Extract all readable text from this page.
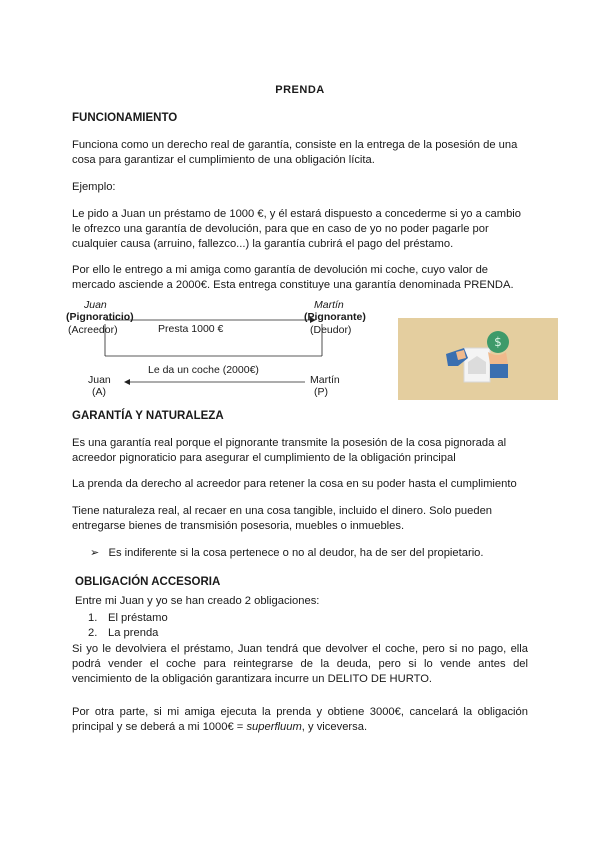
PRENDA
FUNCIONAMIENTO

Funciona como un derecho real de garantía, consiste en la entrega de la posesión de una cosa para garantizar el cumplimiento de una obligación lícita.

Ejemplo:

Le pido a Juan un préstamo de 1000 €, y él estará dispuesto a concederme si yo a cambio le ofrezco una garantía de devolución, para que en caso de yo no poder pagarle por cualquier causa (arruino, fallezco...) la garantía cubrirá el pago del préstamo.

Por ello le entrego a mi amiga como garantía de devolución mi coche, cuyo valor de mercado asciende a 2000€. Esta entrega constituye una garantía denominada PRENDA.

Juan
(Pignoraticio)
(Acreedor)	Presta 1000 €
Martín
(Pignorante)
(Deudor)
Le da un coche (2000€)
Juan
(A)
Martín
(P)
$
GARANTÍA Y NATURALEZA

Es una garantía real porque el pignorante transmite la posesión de la cosa pignorada al acreedor pignoraticio para asegurar el cumplimiento de la obligación principal

La prenda da derecho al acreedor para retener la cosa en su poder hasta el cumplimiento

Tiene naturaleza real, al recaer en una cosa tangible, incluido el dinero. Solo pueden entregarse bienes de transmisión posesoria, muebles o inmuebles.

➢ Es indiferente si la cosa pertenece o no al deudor, ha de ser del propietario.
OBLIGACIÓN ACCESORIA

Entre mi Juan y yo se han creado 2 obligaciones:

1. El préstamo
2. La prenda

Si yo le devolviera el préstamo, Juan tendrá que devolver el coche, pero si no pago, ella podrá vender el coche para reintegrarse de la deuda, pero si lo vende antes del vencimiento de la obligación garantizara incurre un DELITO DE HURTO.

Por otra parte, si mi amiga ejecuta la prenda y obtiene 3000€, cancelará la obligación principal y se deberá a mi 1000€ = superfluum, y viceversa.
